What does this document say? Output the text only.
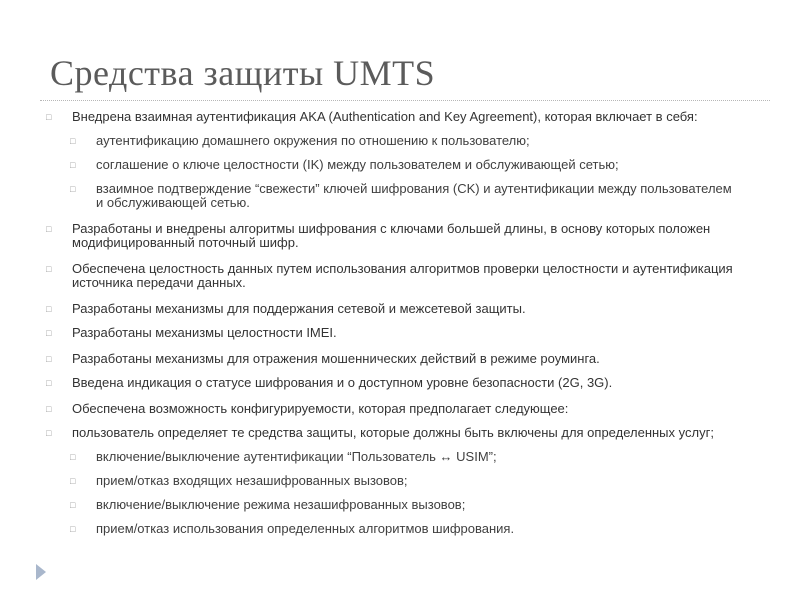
Средства защиты UMTS
□ Внедрена взаимная аутентификация AKA (Authentication and Key Agreement), которая включает в себя:
□ аутентификацию домашнего окружения по отношению к пользователю;
□ соглашение о ключе целостности (IK) между пользователем и обслуживающей сетью;
□ взаимное подтверждение “свежести” ключей шифрования (CK) и аутентификации между пользователем и обслуживающей сетью.
□ Разработаны и внедрены алгоритмы шифрования с ключами большей длины, в основу которых положен модифицированный поточный шифр.
□ Обеспечена целостность данных путем использования алгоритмов проверки целостности и аутентификация источника передачи данных.
□ Разработаны механизмы для поддержания сетевой и межсетевой защиты.
□ Разработаны механизмы целостности IMEI.
□ Разработаны механизмы для отражения мошеннических действий в режиме роуминга.
□ Введена индикация о статусе шифрования и о доступном уровне безопасности (2G, 3G).
□ Обеспечена возможность конфигурируемости, которая предполагает следующее:
□ пользователь определяет те средства защиты, которые должны быть включены для определенных услуг;
□ включение/выключение аутентификации “Пользователь ↔ USIM”;
□ прием/отказ входящих незашифрованных вызовов;
□ включение/выключение режима незашифрованных вызовов;
□ прием/отказ использования определенных алгоритмов шифрования.
